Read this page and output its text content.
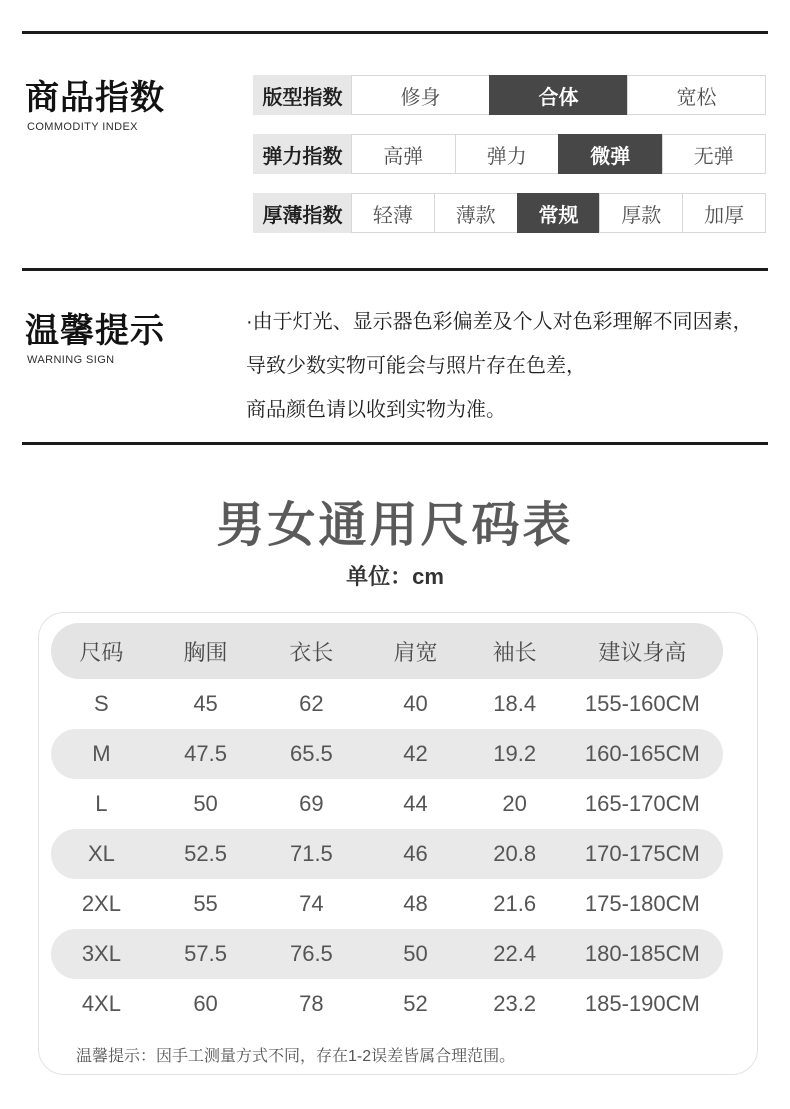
商品指数
COMMODITY INDEX
版型指数	修身	合体	宽松
弹力指数	高弹	弹力	微弹	无弹
厚薄指数	轻薄	薄款	常规	厚款	加厚
温馨提示
WARNING SIGN
·由于灯光、显示器色彩偏差及个人对色彩理解不同因素，
导致少数实物可能会与照片存在色差，
商品颜色请以收到实物为准。
男女通用尺码表
单位：cm
尺码	胸围	衣长	肩宽	袖长	建议身高
S	45	62	40	18.4	155-160CM
M	47.5	65.5	42	19.2	160-165CM
L	50	69	44	20	165-170CM
XL	52.5	71.5	46	20.8	170-175CM
2XL	55	74	48	21.6	175-180CM
3XL	57.5	76.5	50	22.4	180-185CM
4XL	60	78	52	23.2	185-190CM
温馨提示：因手工测量方式不同，存在1-2误差皆属合理范围。
